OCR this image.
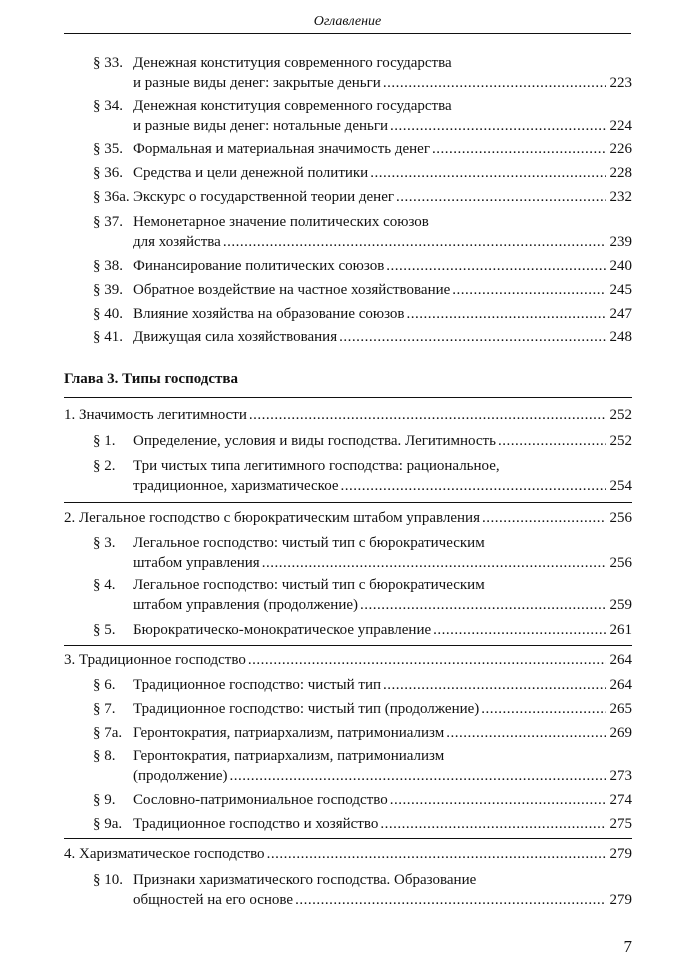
Оглавление
§ 33. Денежная конституция современного государства
и разные виды денег: закрытые деньги .....	223
§ 34. Денежная конституция современного государства
и разные виды денег: нотальные деньги .....	224
§ 35. Формальная и материальная значимость денег .....	226
§ 36. Средства и цели денежной политики .....	228
§ 36а. Экскурс о государственной теории денег .....	232
§ 37. Немонетарное значение политических союзов
для хозяйства .....	239
§ 38. Финансирование политических союзов .....	240
§ 39. Обратное воздействие на частное хозяйствование .....	245
§ 40. Влияние хозяйства на образование союзов .....	247
§ 41. Движущая сила хозяйствования .....	248
Глава 3. Типы господства
1. Значимость легитимности .....	252
§ 1.	Определение, условия и виды господства. Легитимность .....	252
§ 2.	Три чистых типа легитимного господства: рациональное,
традиционное, харизматическое .....	254
2. Легальное господство с бюрократическим штабом управления .....	256
§ 3.	Легальное господство: чистый тип с бюрократическим
штабом управления .....	256
§ 4.	Легальное господство: чистый тип с бюрократическим
штабом управления (продолжение) .....	259
§ 5.	Бюрократическо-монократическое управление .....	261
3. Традиционное господство .....	264
§ 6.	Традиционное господство: чистый тип .....	264
§ 7.	Традиционное господство: чистый тип (продолжение) .....	265
§ 7а. Геронтократия, патриархализм, патримониализм .....	269
§ 8.	Геронтократия, патриархализм, патримониализм
(продолжение) .....	273
§ 9.	Сословно-патримониальное господство .....	274
§ 9а. Традиционное господство и хозяйство .....	275
4. Харизматическое господство .....	279
§ 10. Признаки харизматического господства. Образование
общностей на его основе .....	279
7
